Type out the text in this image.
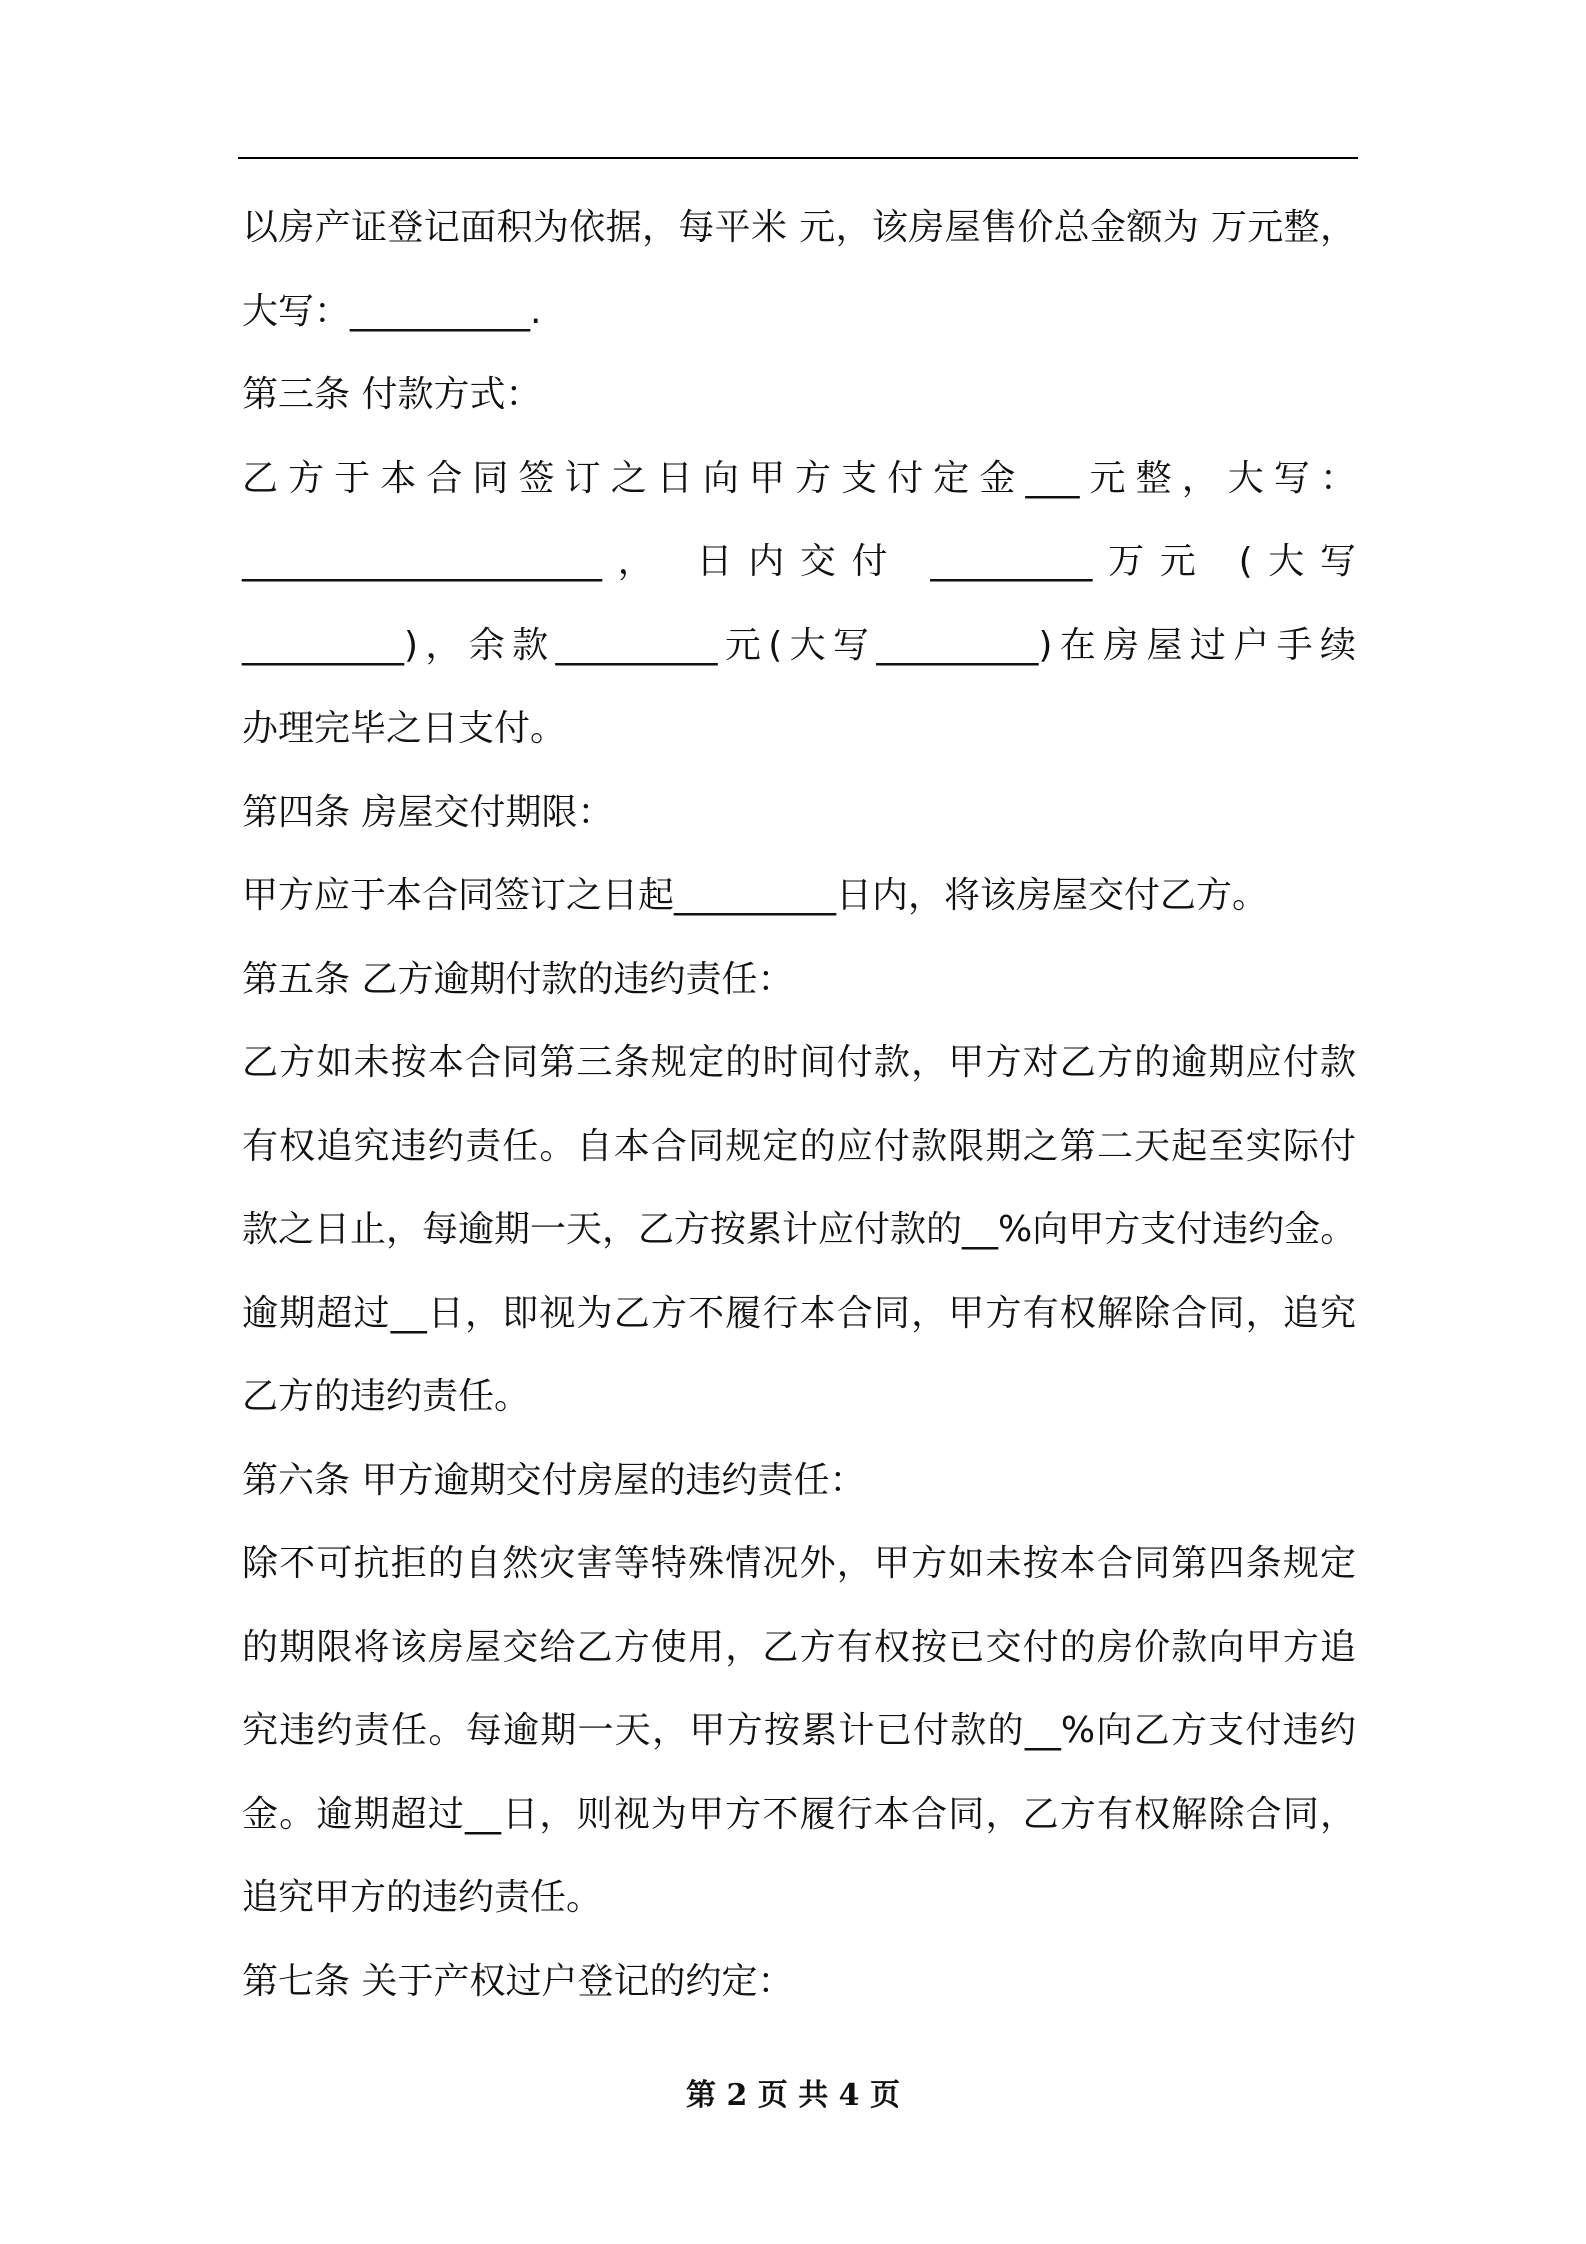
以房产证登记面积为依据，每平米 元，该房屋售价总金额为 万元整，
大写：__________.
第三条 付款方式：
乙方于本合同签订之日向甲方支付定金___元整，大写：
____________________， 日内交付 _________万元 (大写
_________)，余款_________元(大写_________)在房屋过户手续
办理完毕之日支付。
第四条 房屋交付期限：
甲方应于本合同签订之日起_________日内，将该房屋交付乙方。
第五条 乙方逾期付款的违约责任：
乙方如未按本合同第三条规定的时间付款，甲方对乙方的逾期应付款
有权追究违约责任。自本合同规定的应付款限期之第二天起至实际付
款之日止，每逾期一天，乙方按累计应付款的__%向甲方支付违约金。
逾期超过__日，即视为乙方不履行本合同，甲方有权解除合同，追究
乙方的违约责任。
第六条 甲方逾期交付房屋的违约责任：
除不可抗拒的自然灾害等特殊情况外，甲方如未按本合同第四条规定
的期限将该房屋交给乙方使用，乙方有权按已交付的房价款向甲方追
究违约责任。每逾期一天，甲方按累计已付款的__%向乙方支付违约
金。逾期超过__日，则视为甲方不履行本合同，乙方有权解除合同，
追究甲方的违约责任。
第七条 关于产权过户登记的约定：
第 2 页 共 4 页
